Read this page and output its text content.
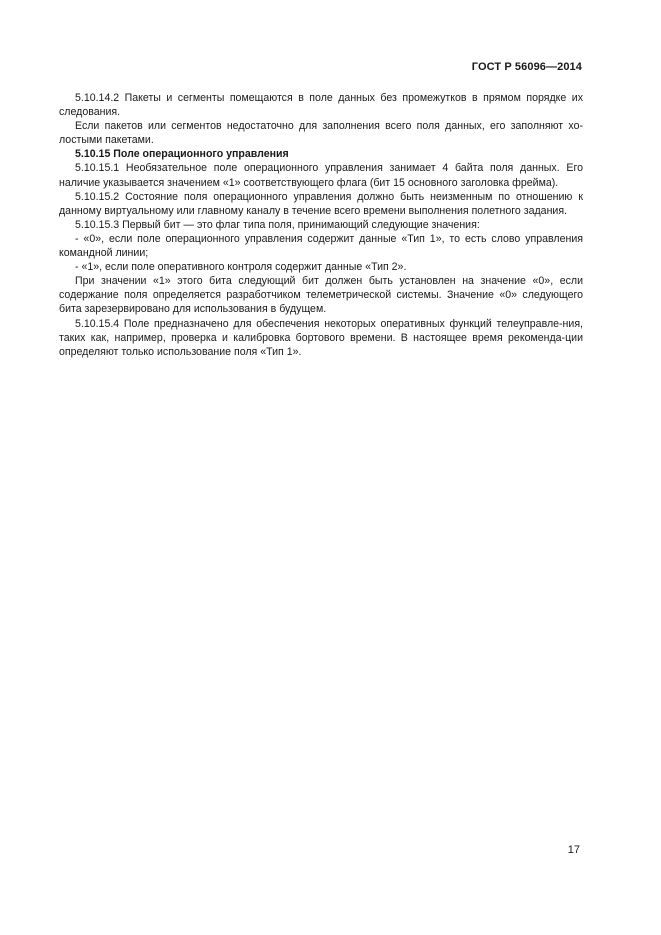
ГОСТ Р 56096—2014

5.10.14.2 Пакеты и сегменты помещаются в поле данных без промежутков в прямом порядке их следования.

Если пакетов или сегментов недостаточно для заполнения всего поля данных, его заполняют хо-лостыми пакетами.

5.10.15 Поле операционного управления

5.10.15.1 Необязательное поле операционного управления занимает 4 байта поля данных. Его наличие указывается значением «1» соответствующего флага (бит 15 основного заголовка фрейма).

5.10.15.2 Состояние поля операционного управления должно быть неизменным по отношению к данному виртуальному или главному каналу в течение всего времени выполнения полетного задания.

5.10.15.3 Первый бит — это флаг типа поля, принимающий следующие значения:

- «0», если поле операционного управления содержит данные «Тип 1», то есть слово управления командной линии;

- «1», если поле оперативного контроля содержит данные «Тип 2».

При значении «1» этого бита следующий бит должен быть установлен на значение «0», если содержание поля определяется разработчиком телеметрической системы. Значение «0» следующего бита зарезервировано для использования в будущем.

5.10.15.4 Поле предназначено для обеспечения некоторых оперативных функций телеуправле-ния, таких как, например, проверка и калибровка бортового времени. В настоящее время рекоменда-ции определяют только использование поля «Тип 1».

17
